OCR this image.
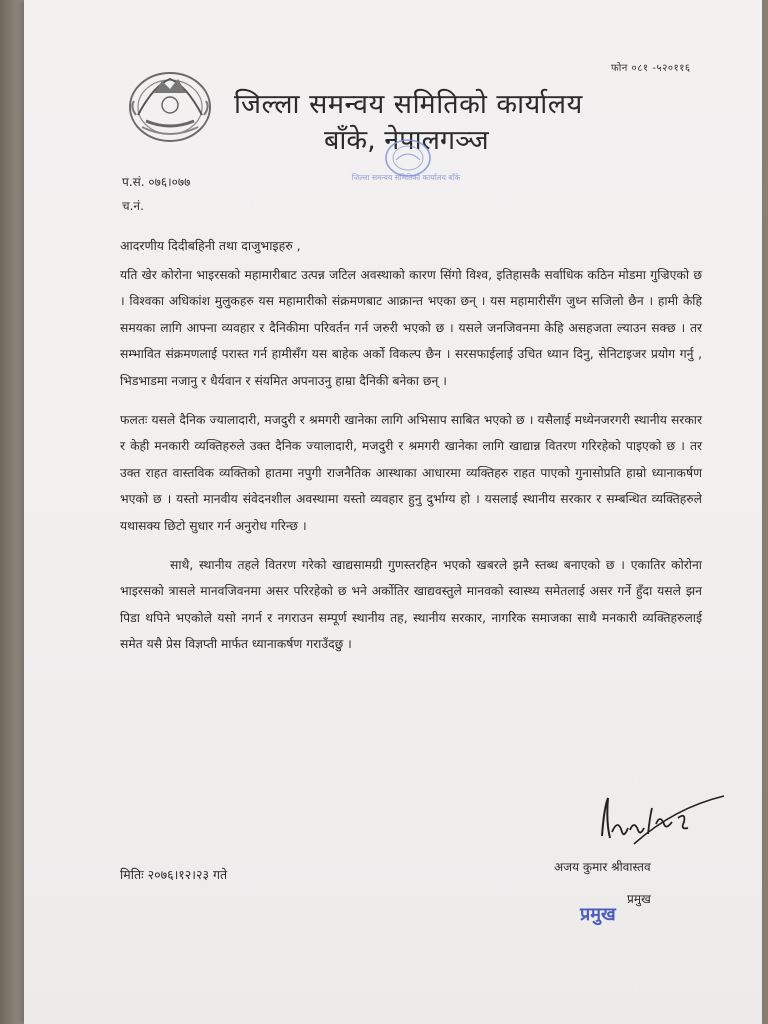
फोन ०८१ -५२०११६
जिल्ला समन्वय समितिको कार्यालय
बाँके, नेपालगञ्ज
जिल्ला समन्वय समितिको कार्यालय बाँके
प.सं. ०७६।०७७
च.नं.
आदरणीय दिदीबहिनी तथा दाजुभाइहरु ,

यति खेर कोरोना भाइरसको महामारीबाट उत्पन्न जटिल अवस्थाको कारण सिंगो विश्व, इतिहासकै सर्वाधिक कठिन मोडमा गुज्रिएको छ । विश्वका अधिकांश मुलुकहरु यस महामारीको संक्रमणबाट आक्रान्त भएका छन् । यस महामारीसँग जुध्न सजिलो छैन । हामी केहि समयका लागि आफ्ना व्यवहार र दैनिकीमा परिवर्तन गर्न जरुरी भएको छ । यसले जनजिवनमा केहि असहजता ल्याउन सक्छ । तर सम्भावित संक्रमणलाई परास्त गर्न हामीसँग यस बाहेक अर्को विकल्प छैन । सरसफाईलाई उचित ध्यान दिनु, सेनिटाइजर प्रयोग गर्नु , भिडभाडमा नजानु र धैर्यवान र संयमित अपनाउनु हाम्रा दैनिकी बनेका छन् ।

फलतः यसले दैनिक ज्यालादारी, मजदुरी र श्रमगरी खानेका लागि अभिसाप साबित भएको छ । यसैलाई मध्येनजरगरी स्थानीय सरकार र केही मनकारी व्यक्तिहरुले उक्त दैनिक ज्यालादारी, मजदुरी र श्रमगरी खानेका लागि खाद्यान्न वितरण गरिरहेको पाइएको छ । तर उक्त राहत वास्तविक व्यक्तिको हातमा नपुगी राजनैतिक आस्थाका आधारमा व्यक्तिहरु राहत पाएको गुनासोप्रति हाम्रो ध्यानाकर्षण भएको छ । यस्तो मानवीय संवेदनशील अवस्थामा यस्तो व्यवहार हुनु दुर्भाग्य हो । यसलाई स्थानीय सरकार र सम्बन्धित व्यक्तिहरुले यथासक्य छिटो सुधार गर्न अनुरोध गरिन्छ ।

साथै, स्थानीय तहले वितरण गरेको खाद्यसामग्री गुणस्तरहिन भएको खबरले झनै स्तब्ध बनाएको छ । एकातिर कोरोना भाइरसको त्रासले मानवजिवनमा असर परिरहेको छ भने अर्कोतिर खाद्यवस्तुले मानवको स्वास्थ्य समेतलाई असर गर्ने हुँदा यसले झन पिडा थपिने भएकोले यसो नगर्न र नगराउन सम्पूर्ण स्थानीय तह, स्थानीय सरकार, नागरिक समाजका साथै मनकारी व्यक्तिहरुलाई समेत यसै प्रेस विज्ञप्ती मार्फत ध्यानाकर्षण गराउँदछु ।

मितिः २०७६।१२।२३ गते	अजय कुमार श्रीवास्तव
प्रमुख
प्रमुख
